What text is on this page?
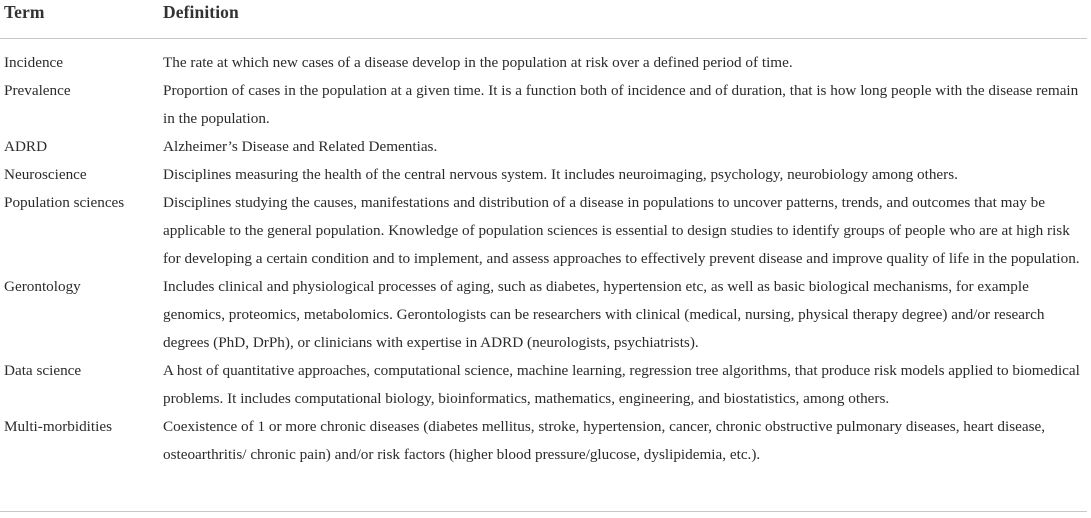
Term	Definition
Incidence	The rate at which new cases of a disease develop in the population at risk over a defined period of time.
Prevalence	Proportion of cases in the population at a given time. It is a function both of incidence and of duration, that is how long people with the disease remain in the population.
ADRD	Alzheimer’s Disease and Related Dementias.
Neuroscience	Disciplines measuring the health of the central nervous system. It includes neuroimaging, psychology, neurobiology among others.
Population sciences	Disciplines studying the causes, manifestations and distribution of a disease in populations to uncover patterns, trends, and outcomes that may be applicable to the general population. Knowledge of population sciences is essential to design studies to identify groups of people who are at high risk for developing a certain condition and to implement, and assess approaches to effectively prevent disease and improve quality of life in the population.
Gerontology	Includes clinical and physiological processes of aging, such as diabetes, hypertension etc, as well as basic biological mechanisms, for example genomics, proteomics, metabolomics. Gerontologists can be researchers with clinical (medical, nursing, physical therapy degree) and/or research degrees (PhD, DrPh), or clinicians with expertise in ADRD (neurologists, psychiatrists).
Data science	A host of quantitative approaches, computational science, machine learning, regression tree algorithms, that produce risk models applied to biomedical problems. It includes computational biology, bioinformatics, mathematics, engineering, and biostatistics, among others.
Multi-morbidities	Coexistence of 1 or more chronic diseases (diabetes mellitus, stroke, hypertension, cancer, chronic obstructive pulmonary diseases, heart disease, osteoarthritis/ chronic pain) and/or risk factors (higher blood pressure/glucose, dyslipidemia, etc.).
